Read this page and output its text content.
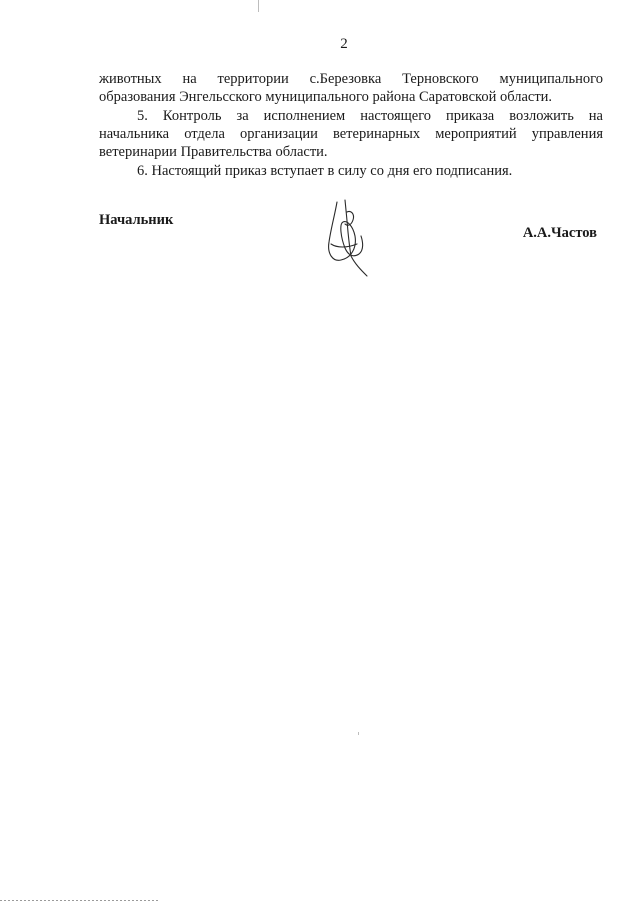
2

животных на территории с.Березовка Терновского муниципального
образования Энгельсского муниципального района Саратовской области.

5. Контроль за исполнением настоящего приказа возложить на
начальника отдела организации ветеринарных мероприятий управления
ветеринарии Правительства области.

6. Настоящий приказ вступает в силу со дня его подписания.

Начальник
А.А.Частов
